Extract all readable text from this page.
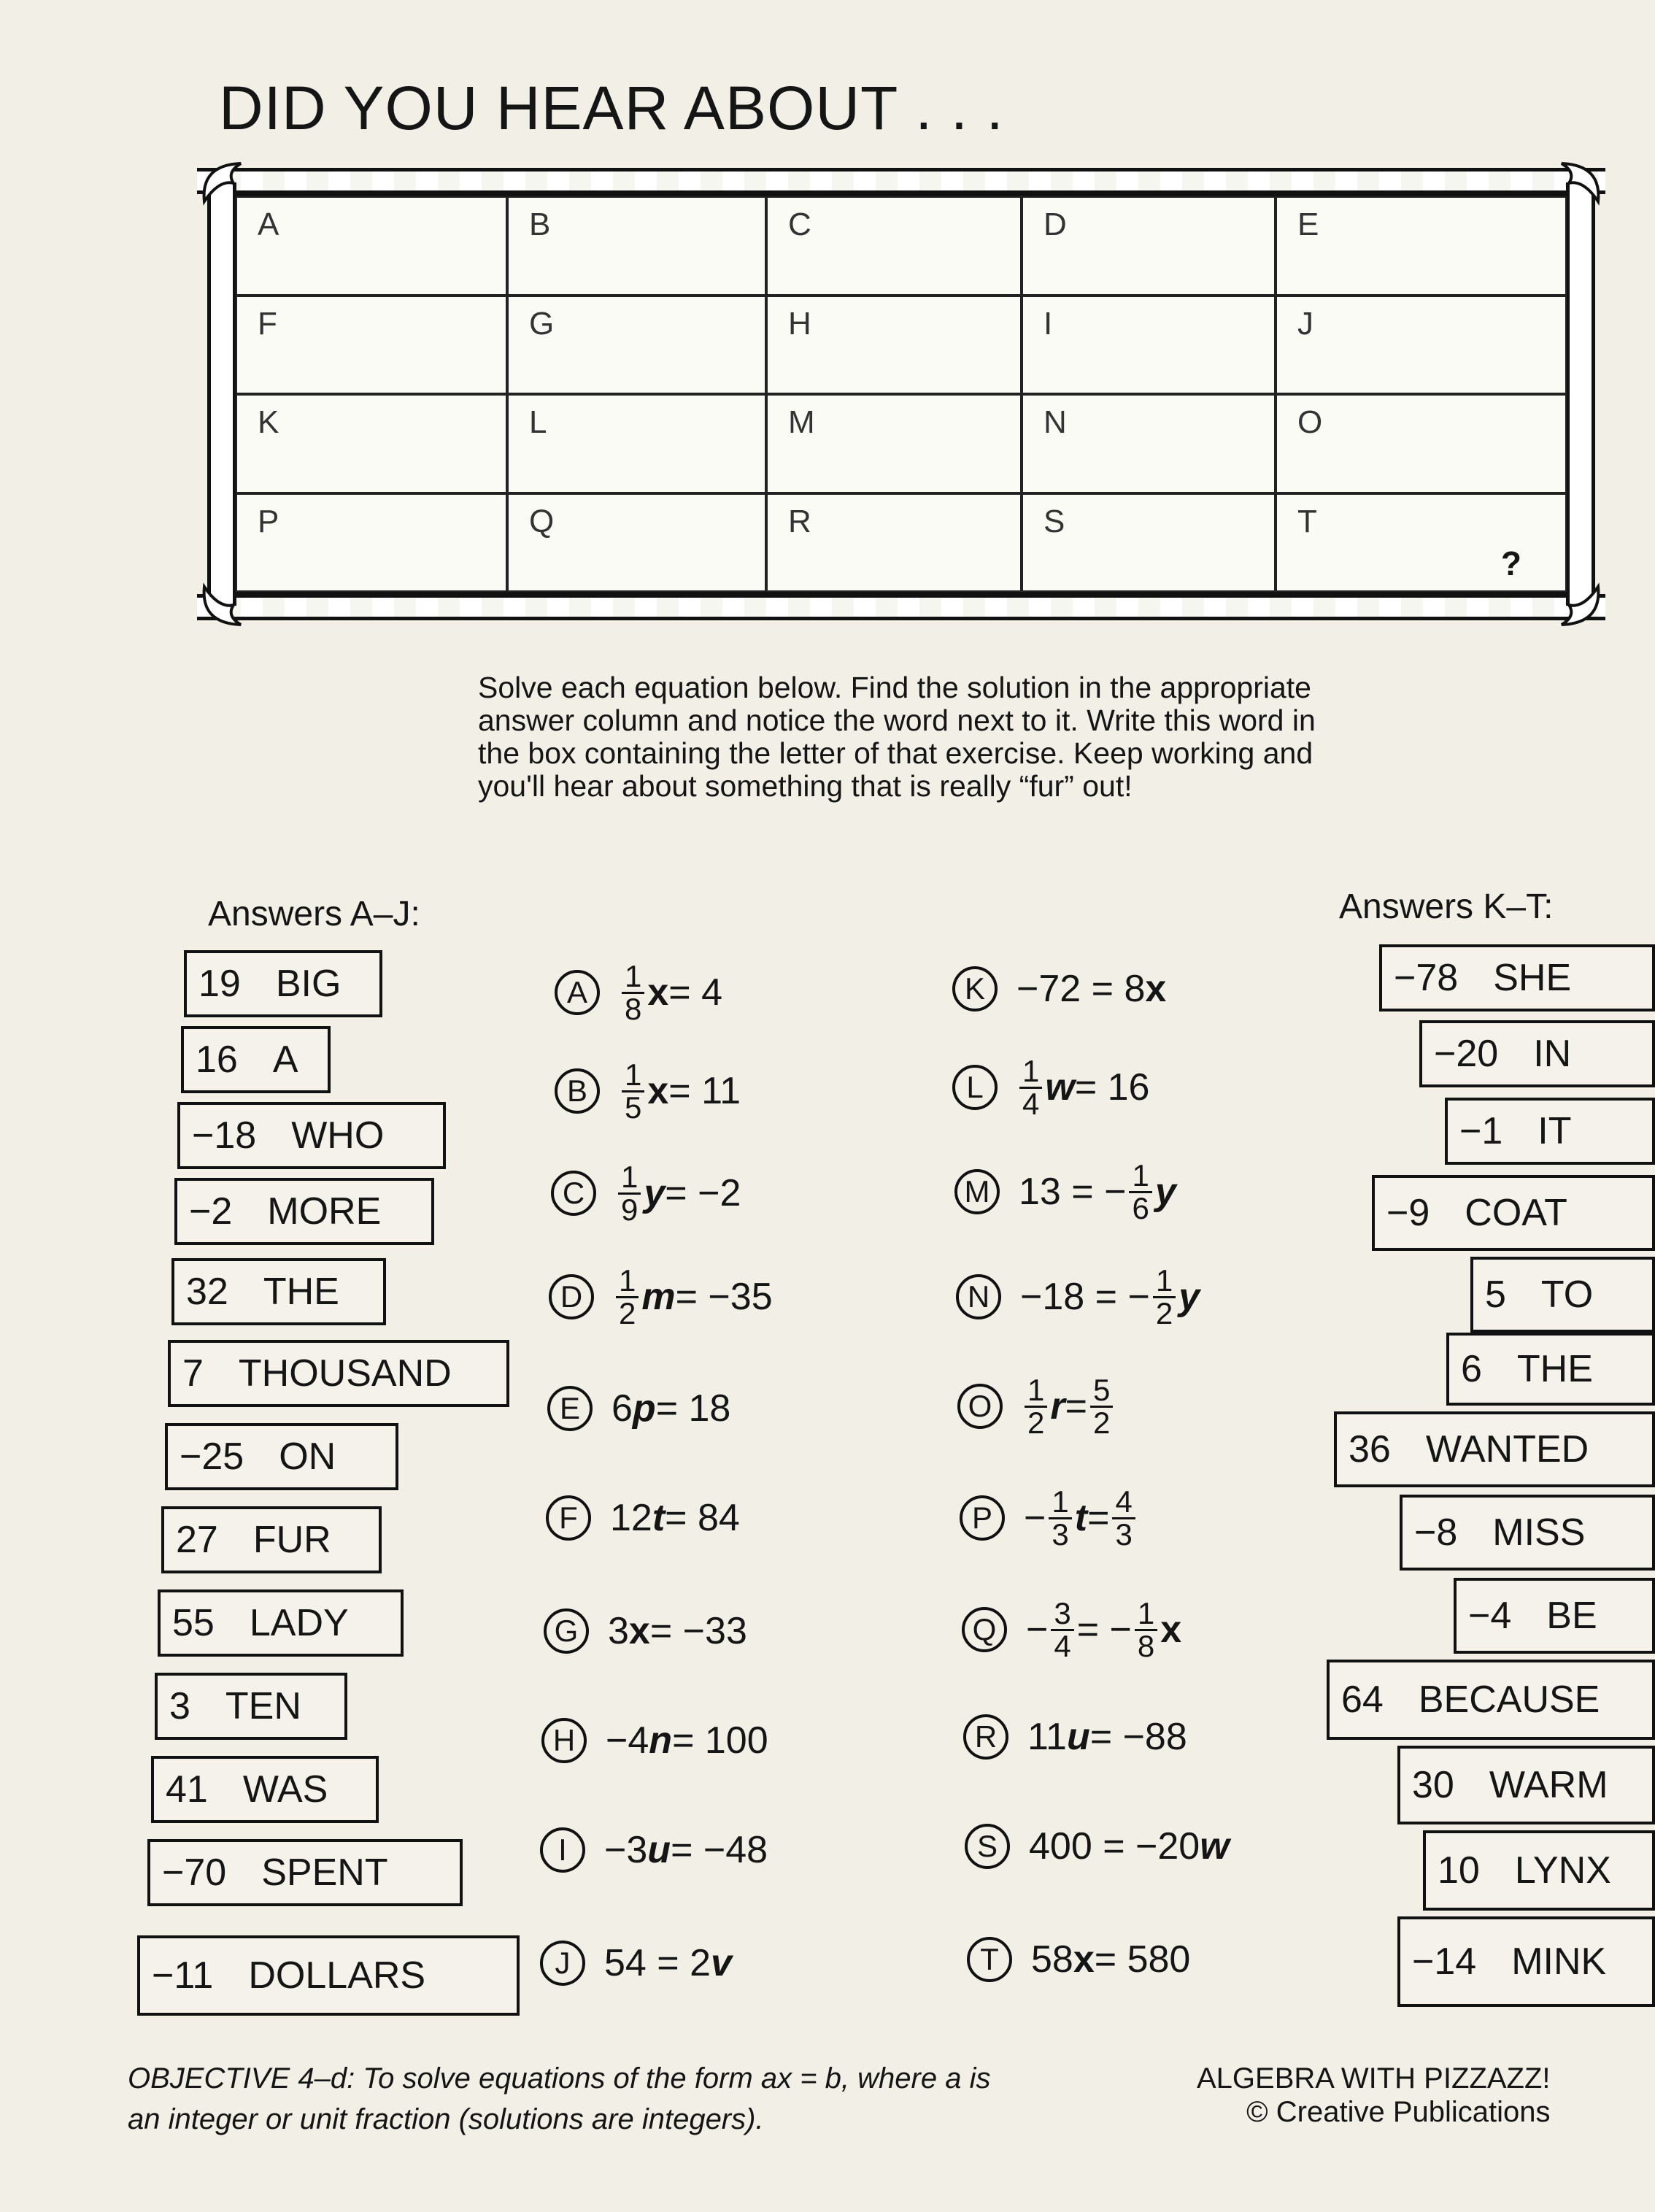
DID YOU HEAR ABOUT . . .
A	B	C	D	E
F	G	H	I	J
K	L	M	N	O
P	Q	R	S	T
?
Solve each equation below. Find the solution in the appropriate answer column and notice the word next to it. Write this word in the box containing the letter of that exercise. Keep working and you'll hear about something that is really “fur” out!
Answers A–J:	Answers K–T:
19 BIG
16 A
−18 WHO
−2 MORE
32 THE
7 THOUSAND
−25 ON
27 FUR
55 LADY
3 TEN
41 WAS
−70 SPENT
−11 DOLLARS
−78 SHE
−20 IN
−1 IT
−9 COAT
5 TO
6 THE
36 WANTED
−8 MISS
−4 BE
64 BECAUSE
30 WARM
10 LYNX
−14 MINK
A	$\frac{1}{8}$ x = 4
B	$\frac{1}{5}$ x = 11
C	$\frac{1}{9}$ y = −2
D	$\frac{1}{2}$ m = −35
E 6 p = 18
F 12 t = 84
G 3 x = −33
H −4 n = 100
I −3 u = −48
J 54 = 2 v
K −72 = 8 x
L	$\frac{1}{4}$ w = 16
M 13 = − $\frac{1}{6}$ y
N −18 = − $\frac{1}{2}$ y
O	$\frac{1}{2}$ $r = \frac{5}{2}$
$P - \frac{1}{3}$ $t = \frac{4}{3}$
$Q - \frac{3}{4}$ = − $\frac{1}{8}$ x
R 11 u = −88
S 400 = −20 w
T 58 x = 580
OBJECTIVE 4–d: To solve equations of the form ax = b, where a is
an integer or unit fraction (solutions are integers).
ALGEBRA WITH PIZZAZZ!
© Creative Publications
